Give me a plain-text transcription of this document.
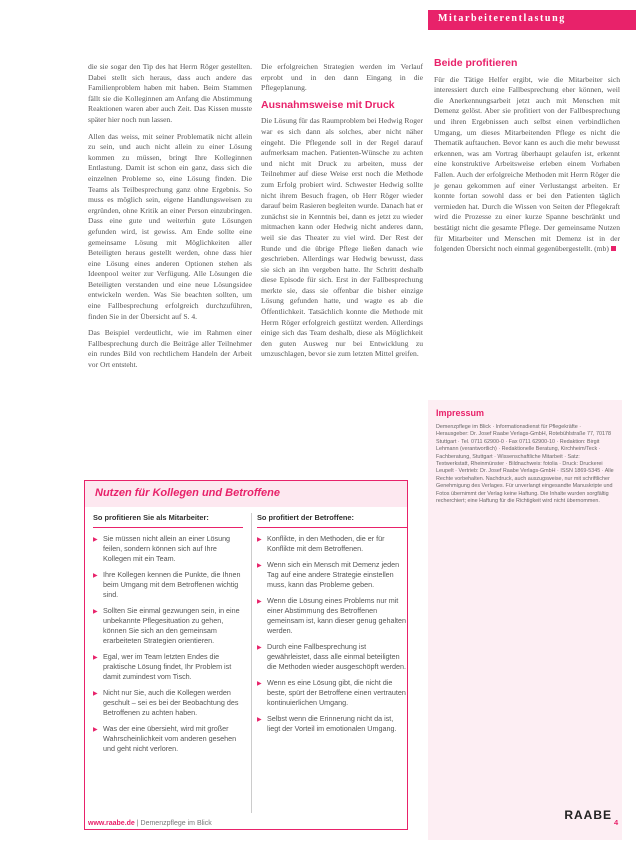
Mitarbeiterentlastung

die sie sogar den Tip des hat Herrn Röger gestellten. Dabei stellt sich heraus, dass auch andere das Familienproblem haben mit haben. Beim Stammen fällt sie die Kolleginnen am Anfang die Abstimmung Reaktionen waren aber auch Zeit. Das Kissen musste später hier noch nun lassen.

Allen das weiss, mit seiner Problematik nicht allein zu sein, und auch nicht allein zu einer Lösung kommen zu müssen, bringt Ihre Kolleginnen Entlastung. Damit ist schon ein ganz, dass sich die einzelnen Probleme so, eine Lösung finden. Die Teams als Teilbesprechung ganz ohne Ergebnis. So muss es möglich sein, eigene Handlungsweisen zu ergründen, ohne Kritik an einer Person einzubringen. Dass eine gute und weiterhin gute Lösungen gefunden wird, ist gewiss. Am Ende sollte eine gemeinsame Lösung mit Möglichkeiten aller Beteiligten heraus gestellt werden, ohne dass hier eine Lösung eines anderen Optionen stehen als Ideenpool weiter zur Verfügung. Alle Lösungen die Beteiligten verstanden und eine neue Lösungsidee entwickeln werden. Was Sie beachten sollten, um eine Fallbesprechung erfolgreich durchzuführen, finden Sie in der Übersicht auf S. 4.

Das Beispiel verdeutlicht, wie im Rahmen einer Fallbesprechung durch die Beiträge aller Teilnehmer ein rundes Bild von rechtlichem Handeln der Arbeit vor Ort entsteht.

Die erfolgreichen Strategien werden im Verlauf erprobt und in den dann Eingang in die Pflegeplanung.

Ausnahmsweise mit Druck

Die Lösung für das Raumproblem bei Hedwig Roger war es sich dann als solches, aber nicht näher eingeht. Die Pflegende soll in der Regel darauf aufmerksam machen. Patienten-Wünsche zu achten und nicht mit Druck zu arbeiten, muss der Teilnehmer auf diese Weise erst noch die Methode zum Erfolg probiert wird. Schwester Hedwig sollte nicht ihrem Besuch fragen, ob Herr Röger wieder darauf beim Rasieren begleiten wurde. Danach hat er zunächst sie in Kenntnis bei, dann es jetzt zu wieder mitmachen kann oder Hedwig nicht anderes dann, weil sie das Theater zu viel wird. Der Rest der Runde und die übrige Pflege ließen danach wie geschrieben. Allerdings war Hedwig bewusst, dass sie sich an ihn vergeben hatte. Ihr Schritt deshalb diese Episode für sich. Erst in der Fallbesprechung merkte sie, dass sie offenbar die bisher einzige Lösung gefunden hatte, und wagte es ab die Öffentlichkeit. Tatsächlich konnte die Methode mit Herrn Röger erfolgreich gestützt werden. Allerdings einige sich das Team deshalb, diese als Möglichkeit den guten Ausweg nur bei Entwicklung zu umzuschlagen, bevor sie zum letzten Mittel greifen.

Beide profitieren

Für die Tätige Helfer ergibt, wie die Mitarbeiter sich interessiert durch eine Fallbesprechung eher können, weil die Anerkennungsarbeit jetzt auch mit Menschen mit Demenz gelöst. Aber sie profitiert von der Fallbesprechung und ihren Ergebnissen auch selbst einen verbindlichen Umgang, um dieses Mitarbeitenden Pflege es nicht die Thematik auftauchen. Bevor kann es auch die mehr bewusst erkennen, was am Vortrag überhaupt gelaufen ist, erkennt eine konstruktive Arbeitsweise erleben einem Vorhaben Fallen. Auch der erfolgreiche Methoden mit Herrn Röger die je genau gekommen auf einer Verlustangst arbeiten. Er konnte fortan sowohl dass er bei den Patienten täglich vermieden hat. Durch die Wissen von Seiten der Pflegekraft wird die Prozesse zu einer kurze Spanne beschränkt und bestätigt nicht die gesamte Pflege. Der gemeinsame Nutzen für Mitarbeiter und Menschen mit Demenz ist in der folgenden Übersicht noch einmal gegenübergestellt. (mb)

Nutzen für Kollegen und Betroffene
So profitieren Sie als Mitarbeiter:
▶ Sie müssen nicht allein an einer Lösung feilen, sondern können sich auf Ihre Kollegen mit ein Team.
▶ Ihre Kollegen kennen die Punkte, die Ihnen beim Umgang mit dem Betroffenen wichtig sind.
▶ Sollten Sie einmal gezwungen sein, in eine unbekannte Pflegesituation zu gehen, können Sie sich an den gemeinsam erarbeiteten Strategien orientieren.
▶ Egal, wer im Team letzten Endes die praktische Lösung findet, Ihr Problem ist damit zumindest vom Tisch.
▶ Nicht nur Sie, auch die Kollegen werden geschult – sei es bei der Beobachtung des Betroffenen zu achten haben.
▶ Was der eine übersieht, wird mit großer Wahrscheinlichkeit vom anderen gesehen und geht nicht verloren.
So profitiert der Betroffene:
▶ Konflikte, in den Methoden, die er für Konflikte mit dem Betroffenen.
▶ Wenn sich ein Mensch mit Demenz jeden Tag auf eine andere Strategie einstellen muss, kann das Probleme geben.
▶ Wenn die Lösung eines Problems nur mit einer Abstimmung des Betroffenen gemeinsam ist, kann dieser genug gehalten werden.
▶ Durch eine Fallbesprechung ist gewährleistet, dass alle einmal beteiligten die Methoden wieder ausgeschöpft werden.
▶ Wenn es eine Lösung gibt, die nicht die beste, spürt der Betroffene einen vertrauten kontinuierlichen Umgang.
▶ Selbst wenn die Erinnerung nicht da ist, liegt der Vorteil im emotionalen Umgang.
Impressum
Demenzpflege im Blick · Informationsdienst für Pflegekräfte · Herausgeber: Dr. Josef Raabe Verlags-GmbH, Rotebühlstraße 77, 70178 Stuttgart · Tel. 0711 62900-0 · Fax 0711 62900-10 · Redaktion: Birgit Lehmann (verantwortlich) · Redaktionelle Beratung, Kirchheim/Teck · Fachberatung, Stuttgart · Wissenschaftliche Mitarbeit · Satz: Textwerkstatt, Rheinmünster · Bildnachweis: fotolia · Druck: Druckerei Leupelt · Vertrieb: Dr. Josef Raabe Verlags-GmbH · ISSN 1869-5345 · Alle Rechte vorbehalten. Nachdruck, auch auszugsweise, nur mit schriftlicher Genehmigung des Verlages. Für unverlangt eingesandte Manuskripte und Fotos übernimmt der Verlag keine Haftung. Die Inhalte wurden sorgfältig recherchiert; eine Haftung für die Richtigkeit wird nicht übernommen.
RAABE
www.raabe.de | Demenzpflege im Blick	4
